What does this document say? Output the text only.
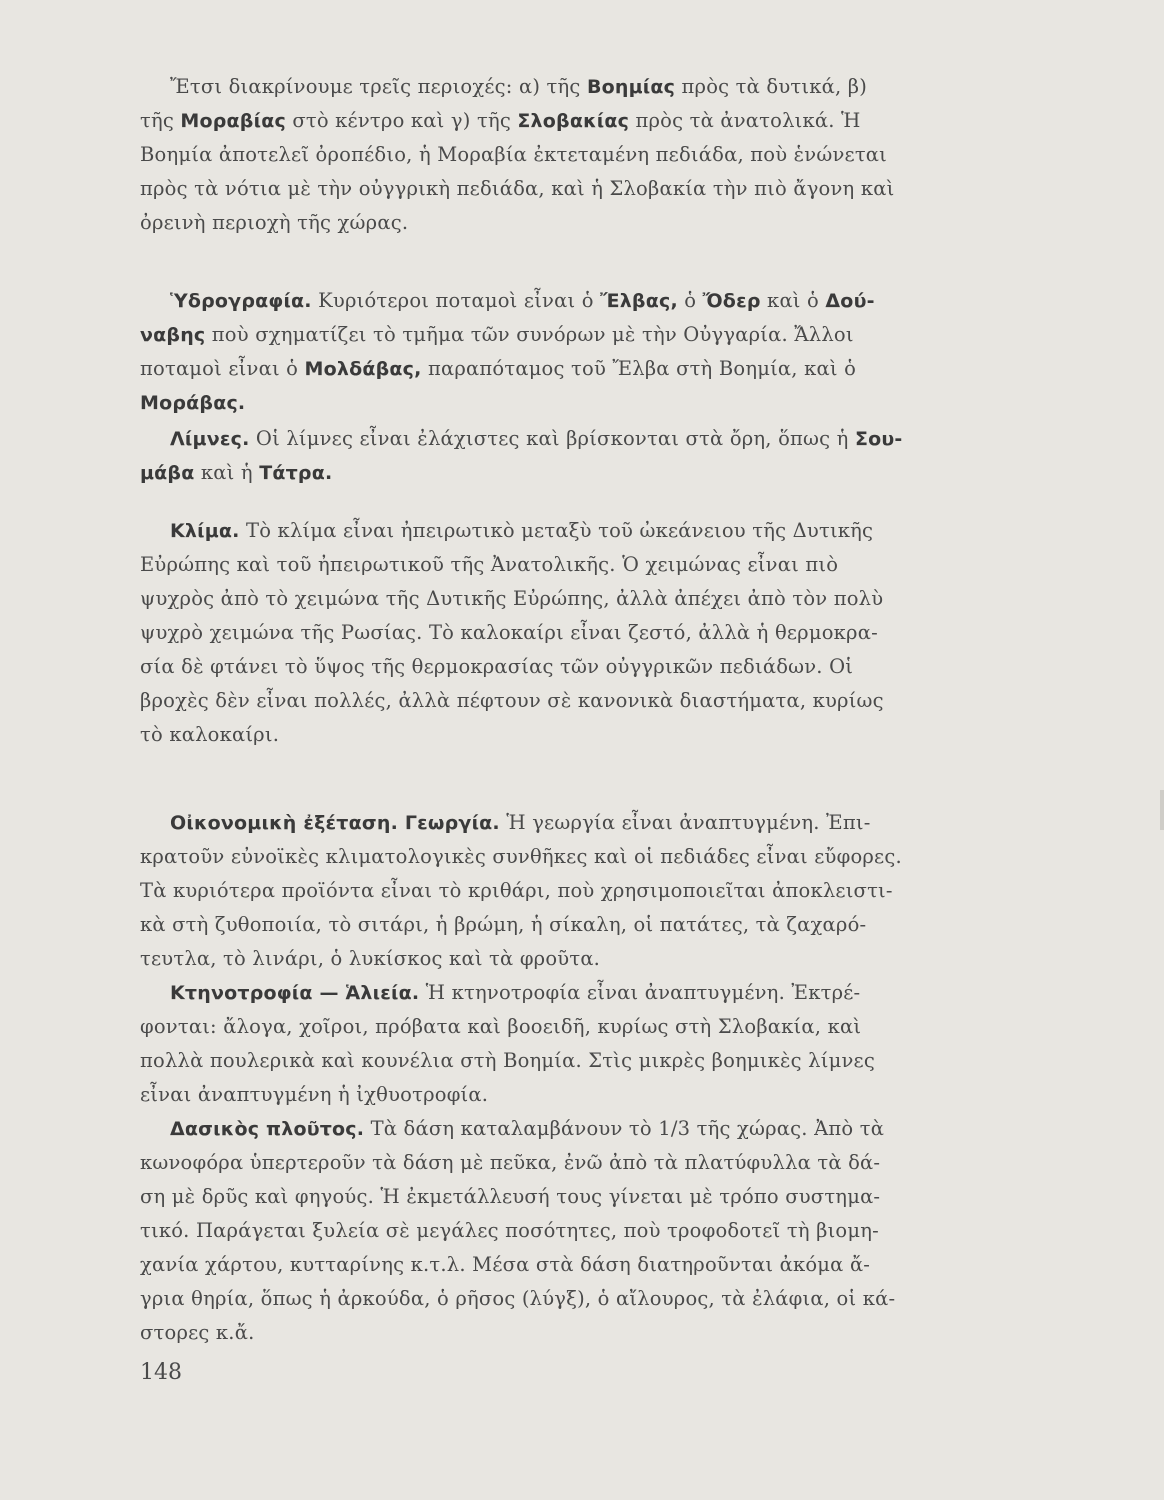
Ἔτσι διακρίνουμε τρεῖς περιοχές: α) τῆς Βοημίας πρὸς τὰ δυτικά, β)
τῆς Μοραβίας στὸ κέντρο καὶ γ) τῆς Σλοβακίας πρὸς τὰ ἀνατολικά. Ἡ
Βοημία ἀποτελεῖ ὀροπέδιο, ἡ Μοραβία ἐκτεταμένη πεδιάδα, ποὺ ἑνώνεται
πρὸς τὰ νότια μὲ τὴν οὐγγρικὴ πεδιάδα, καὶ ἡ Σλοβακία τὴν πιὸ ἄγονη καὶ
ὀρεινὴ περιοχὴ τῆς χώρας.
Ὑδρογραφία. Κυριότεροι ποταμοὶ εἶναι ὁ Ἔλβας, ὁ Ὄδερ καὶ ὁ Δού-
ναβης ποὺ σχηματίζει τὸ τμῆμα τῶν συνόρων μὲ τὴν Οὐγγαρία. Ἄλλοι
ποταμοὶ εἶναι ὁ Μολδάβας, παραπόταμος τοῦ Ἔλβα στὴ Βοημία, καὶ ὁ
Μοράβας.
Λίμνες. Οἱ λίμνες εἶναι ἐλάχιστες καὶ βρίσκονται στὰ ὄρη, ὅπως ἡ Σου-
μάβα καὶ ἡ Τάτρα.
Κλίμα. Τὸ κλίμα εἶναι ἠπειρωτικὸ μεταξὺ τοῦ ὠκεάνειου τῆς Δυτικῆς
Εὐρώπης καὶ τοῦ ἠπειρωτικοῦ τῆς Ἀνατολικῆς. Ὁ χειμώνας εἶναι πιὸ
ψυχρὸς ἀπὸ τὸ χειμώνα τῆς Δυτικῆς Εὐρώπης, ἀλλὰ ἀπέχει ἀπὸ τὸν πολὺ
ψυχρὸ χειμώνα τῆς Ρωσίας. Τὸ καλοκαίρι εἶναι ζεστό, ἀλλὰ ἡ θερμοκρα-
σία δὲ φτάνει τὸ ὕψος τῆς θερμοκρασίας τῶν οὐγγρικῶν πεδιάδων. Οἱ
βροχὲς δὲν εἶναι πολλές, ἀλλὰ πέφτουν σὲ κανονικὰ διαστήματα, κυρίως
τὸ καλοκαίρι.
Οἰκονομικὴ ἐξέταση. Γεωργία. Ἡ γεωργία εἶναι ἀναπτυγμένη. Ἐπι-
κρατοῦν εὐνοϊκὲς κλιματολογικὲς συνθῆκες καὶ οἱ πεδιάδες εἶναι εὔφορες.
Τὰ κυριότερα προϊόντα εἶναι τὸ κριθάρι, ποὺ χρησιμοποιεῖται ἀποκλειστι-
κὰ στὴ ζυθοποιία, τὸ σιτάρι, ἡ βρώμη, ἡ σίκαλη, οἱ πατάτες, τὰ ζαχαρό-
τευτλα, τὸ λινάρι, ὁ λυκίσκος καὶ τὰ φροῦτα.
Κτηνοτροφία — Ἁλιεία. Ἡ κτηνοτροφία εἶναι ἀναπτυγμένη. Ἐκτρέ-
φονται: ἄλογα, χοῖροι, πρόβατα καὶ βοοειδῆ, κυρίως στὴ Σλοβακία, καὶ
πολλὰ πουλερικὰ καὶ κουνέλια στὴ Βοημία. Στὶς μικρὲς βοημικὲς λίμνες
εἶναι ἀναπτυγμένη ἡ ἰχθυοτροφία.
Δασικὸς πλοῦτος. Τὰ δάση καταλαμβάνουν τὸ 1/3 τῆς χώρας. Ἀπὸ τὰ
κωνοφόρα ὑπερτεροῦν τὰ δάση μὲ πεῦκα, ἐνῶ ἀπὸ τὰ πλατύφυλλα τὰ δά-
ση μὲ δρῦς καὶ φηγούς. Ἡ ἐκμετάλλευσή τους γίνεται μὲ τρόπο συστημα-
τικό. Παράγεται ξυλεία σὲ μεγάλες ποσότητες, ποὺ τροφοδοτεῖ τὴ βιομη-
χανία χάρτου, κυτταρίνης κ.τ.λ. Μέσα στὰ δάση διατηροῦνται ἀκόμα ἄ-
γρια θηρία, ὅπως ἡ ἀρκούδα, ὁ ρῆσος (λύγξ), ὁ αἴλουρος, τὰ ἐλάφια, οἱ κά-
στορες κ.ἄ.
148
